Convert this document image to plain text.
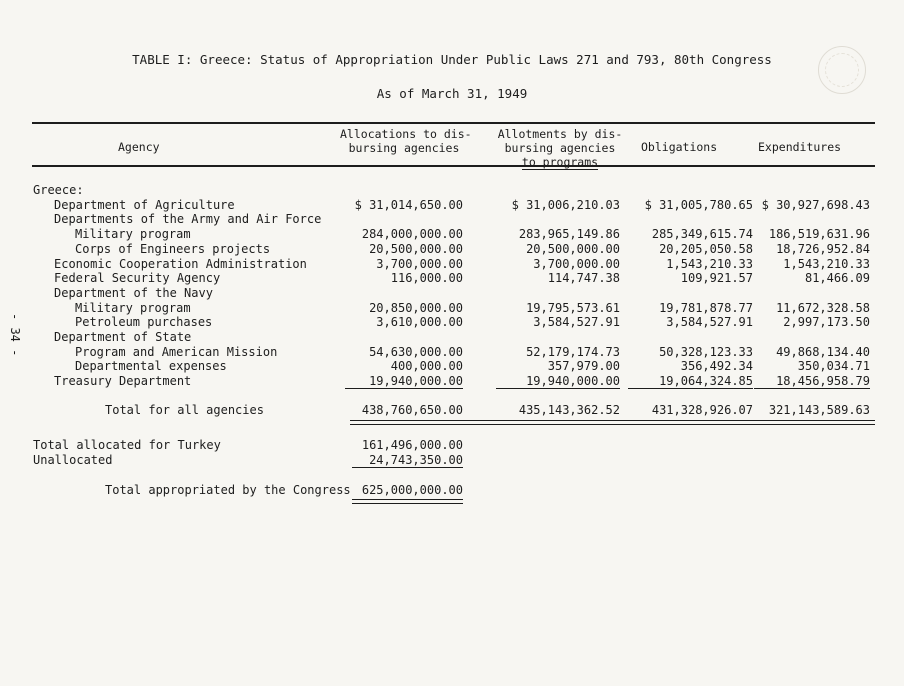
TABLE I: Greece: Status of Appropriation Under Public Laws 271 and 793, 80th Congress
As of March 31, 1949
- 34 -
Agency
Allocations to dis-
bursing agencies
Allotments by dis-
bursing agencies
to programs
Obligations	Expenditures
Greece:
Department of Agriculture	$ 31,014,650.00	$ 31,006,210.03	$ 31,005,780.65 $ 30,927,698.43
Departments of the Army and Air Force
Military program	284,000,000.00	283,965,149.86	285,349,615.74	186,519,631.96
Corps of Engineers projects	20,500,000.00	20,500,000.00	20,205,050.58	18,726,952.84
Economic Cooperation Administration	3,700,000.00	3,700,000.00	1,543,210.33	1,543,210.33
Federal Security Agency	116,000.00	114,747.38	109,921.57	81,466.09
Department of the Navy
Military program	20,850,000.00	19,795,573.61	19,781,878.77	11,672,328.58
Petroleum purchases	3,610,000.00	3,584,527.91	3,584,527.91	2,997,173.50
Department of State
Program and American Mission	54,630,000.00	52,179,174.73	50,328,123.33	49,868,134.40
Departmental expenses	400,000.00	357,979.00	356,492.34	350,034.71
Treasury Department	19,940,000.00	19,940,000.00	19,064,324.85	18,456,958.79
Total for all agencies	438,760,650.00	435,143,362.52	431,328,926.07	321,143,589.63
Total allocated for Turkey	161,496,000.00
Unallocated	24,743,350.00
Total appropriated by the Congress 625,000,000.00
